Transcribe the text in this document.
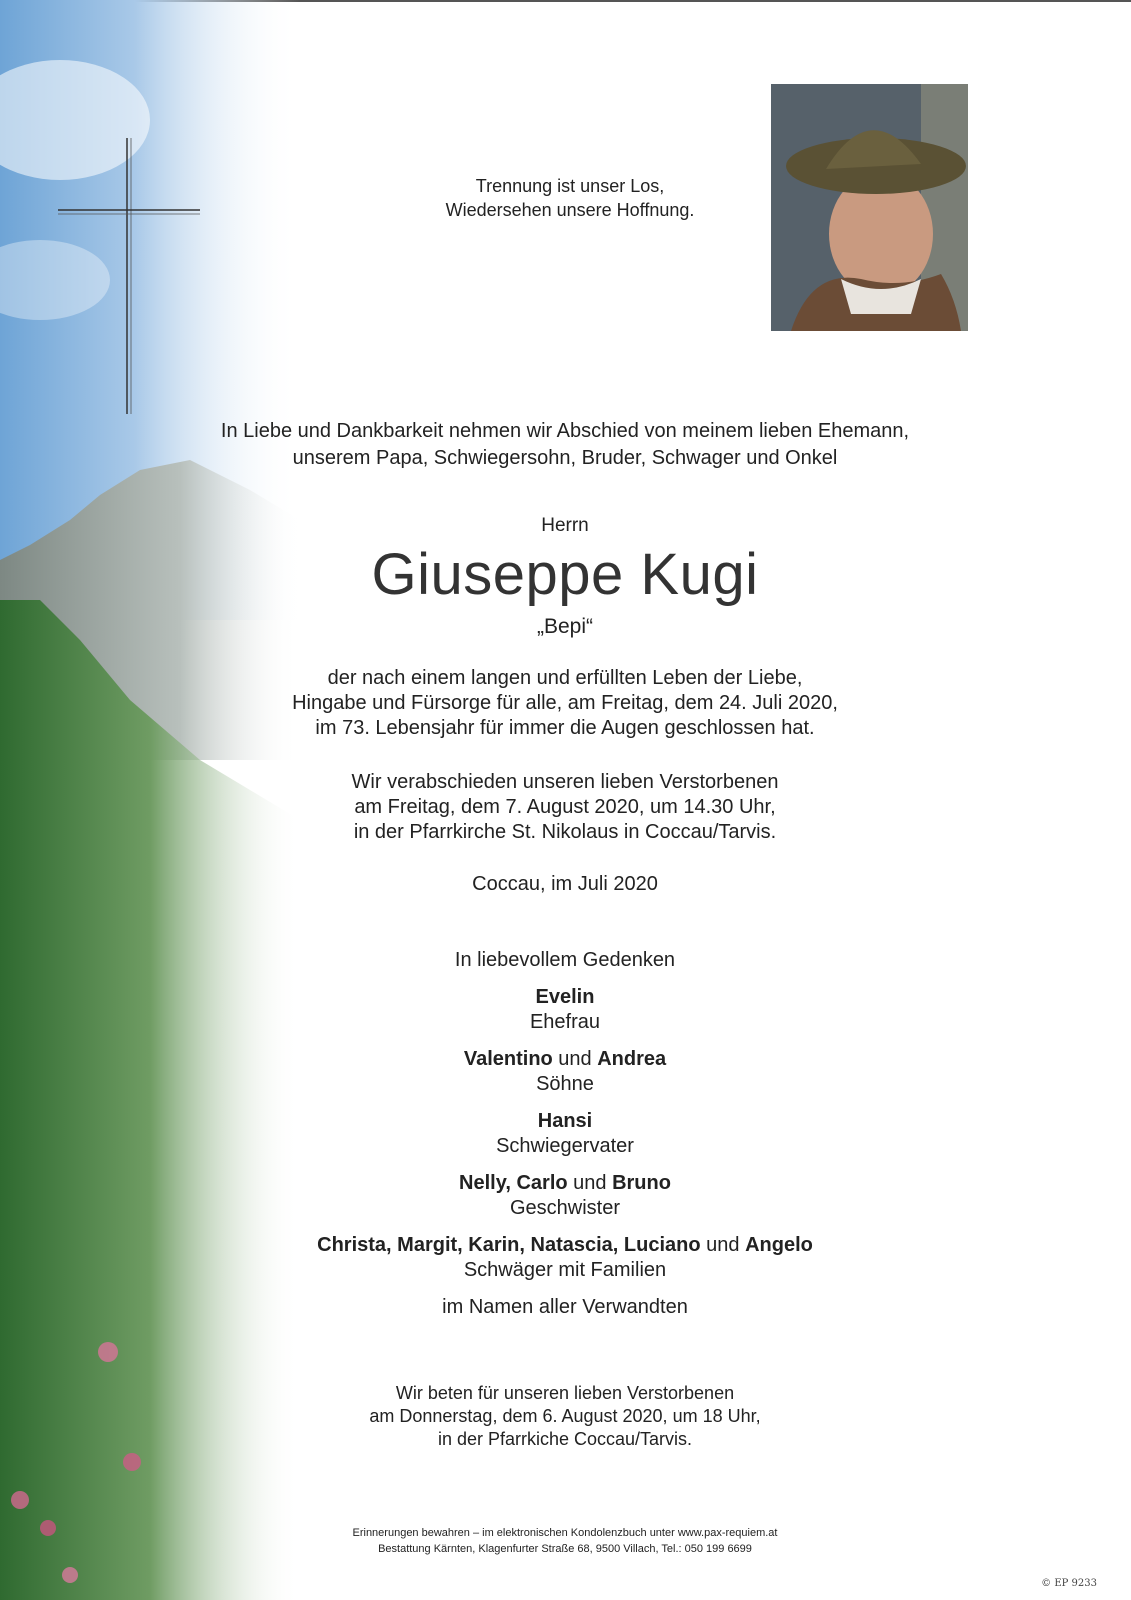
Trennung ist unser Los,
Wiedersehen unsere Hoffnung.
In Liebe und Dankbarkeit nehmen wir Abschied von meinem lieben Ehemann,
unserem Papa, Schwiegersohn, Bruder, Schwager und Onkel
Herrn
Giuseppe Kugi
„Bepi“
der nach einem langen und erfüllten Leben der Liebe,
Hingabe und Fürsorge für alle, am Freitag, dem 24. Juli 2020,
im 73. Lebensjahr für immer die Augen geschlossen hat.
Wir verabschieden unseren lieben Verstorbenen
am Freitag, dem 7. August 2020, um 14.30 Uhr,
in der Pfarrkirche St. Nikolaus in Coccau/Tarvis.
Coccau, im Juli 2020
In liebevollem Gedenken
Evelin
Ehefrau
Valentino und Andrea
Söhne
Hansi
Schwiegervater
Nelly, Carlo und Bruno
Geschwister
Christa, Margit, Karin, Natascia, Luciano und Angelo
Schwäger mit Familien
im Namen aller Verwandten
Wir beten für unseren lieben Verstorbenen
am Donnerstag, dem 6. August 2020, um 18 Uhr,
in der Pfarrkiche Coccau/Tarvis.
Erinnerungen bewahren – im elektronischen Kondolenzbuch unter www.pax-requiem.at
Bestattung Kärnten, Klagenfurter Straße 68, 9500 Villach, Tel.: 050 199 6699
© EP 9233
